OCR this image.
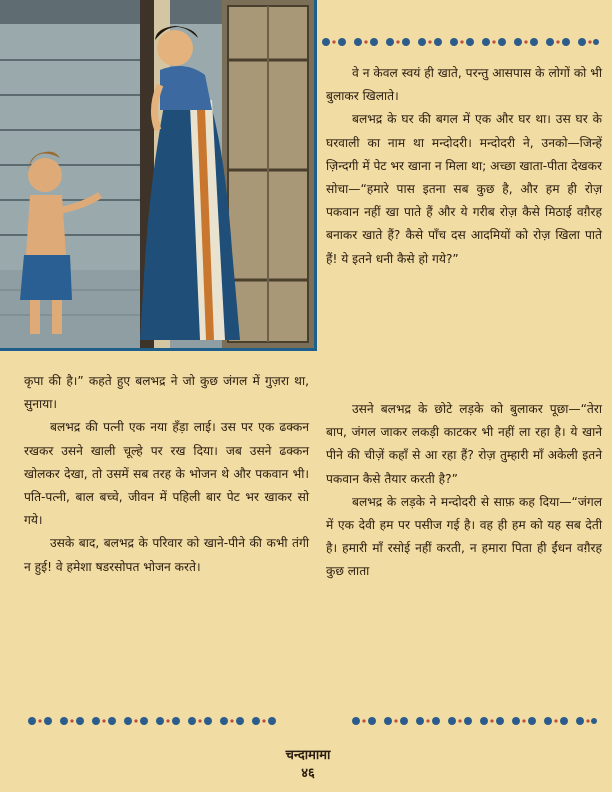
वे न केवल स्वयं ही खाते, परन्तु आसपास के लोगों को भी बुलाकर खिलाते।

बलभद्र के घर की बगल में एक और घर था। उस घर के घरवाली का नाम था मन्दोदरी। मन्दोदरी ने, उनको—जिन्हें ज़िन्दगी में पेट भर खाना न मिला था; अच्छा खाता-पीता देखकर सोचा—“हमारे पास इतना सब कुछ है, और हम ही रोज़ पकवान नहीं खा पाते हैं और ये गरीब रोज़ कैसे मिठाई वग़ैरह बनाकर खाते हैं? कैसे पाँच दस आदमियों को रोज़ खिला पाते हैं! ये इतने धनी कैसे हो गये?”

कृपा की है।” कहते हुए बलभद्र ने जो कुछ जंगल में गुज़रा था, सुनाया।

बलभद्र की पत्नी एक नया हँड़ा लाई। उस पर एक ढक्कन रखकर उसने खाली चूल्हे पर रख दिया। जब उसने ढक्कन खोलकर देखा, तो उसमें सब तरह के भोजन थे और पकवान भी। पति-पत्नी, बाल बच्चे, जीवन में पहिली बार पेट भर खाकर सो गये।

उसके बाद, बलभद्र के परिवार को खाने-पीने की कभी तंगी न हुई! वे हमेशा षडरसोपत भोजन करते।

उसने बलभद्र के छोटे लड़के को बुलाकर पूछा—“तेरा बाप, जंगल जाकर लकड़ी काटकर भी नहीं ला रहा है। ये खाने पीने की चीज़ें कहाँ से आ रहा हैं? रोज़ तुम्हारी माँ अकेली इतने पकवान कैसे तैयार करती है?”

बलभद्र के लड़के ने मन्दोदरी से साफ़ कह दिया—“जंगल में एक देवी हम पर पसीज गई है। वह ही हम को यह सब देती है। हमारी माँ रसोई नहीं करती, न हमारा पिता ही ईंधन वग़ैरह कुछ लाता

चन्दामामा
४६
